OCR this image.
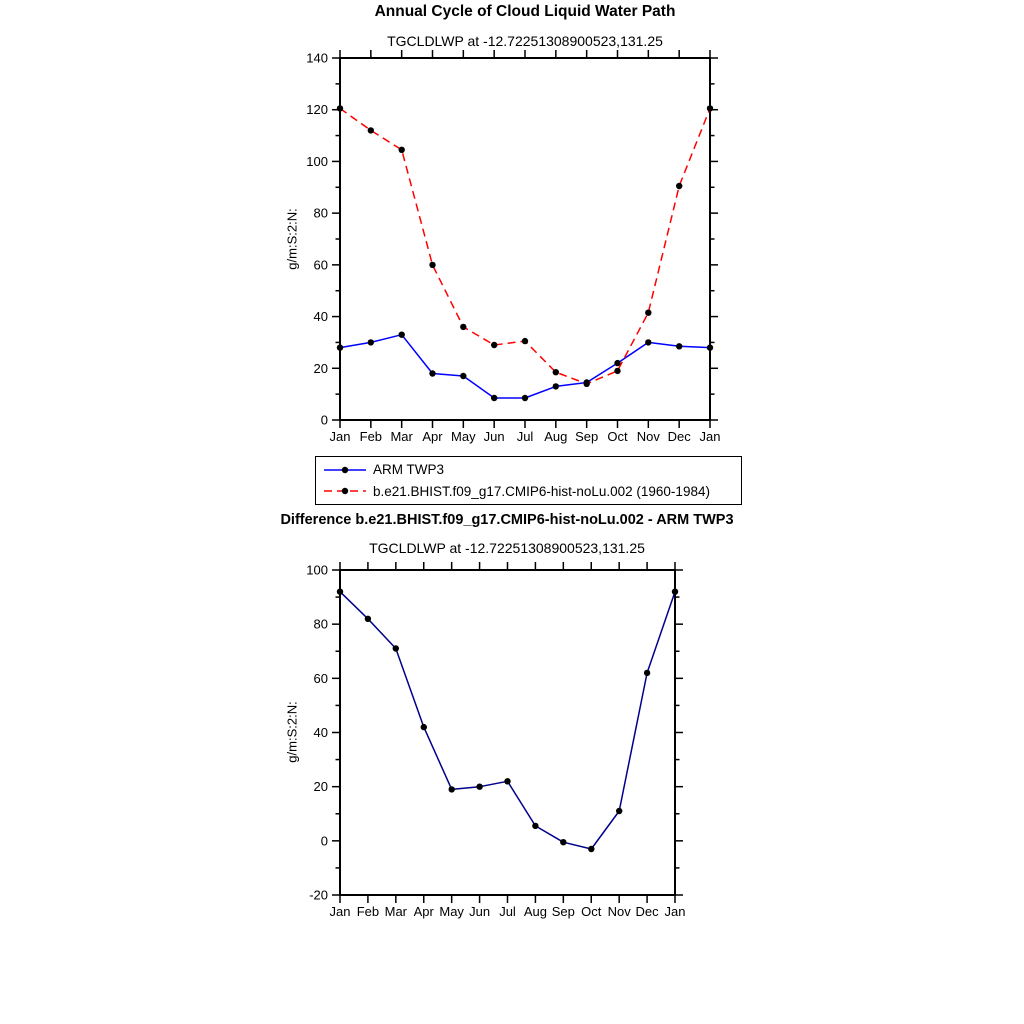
Annual Cycle of Cloud Liquid Water Path
TGCLDLWP at -12.72251308900523,131.25
g/m:S:2:N:
Difference b.e21.BHIST.f09_g17.CMIP6-hist-noLu.002 - ARM TWP3
TGCLDLWP at -12.72251308900523,131.25
g/m:S:2:N:
0
20
40
60
80
100
120
140
Jan Feb Mar Apr May Jun Jul Aug Sep Oct Nov Dec Jan
-20
0
20
40
60
80
100
Jan Feb Mar Apr May Jun Jul Aug Sep Oct Nov Dec Jan
ARM TWP3
b.e21.BHIST.f09_g17.CMIP6-hist-noLu.002 (1960-1984)
